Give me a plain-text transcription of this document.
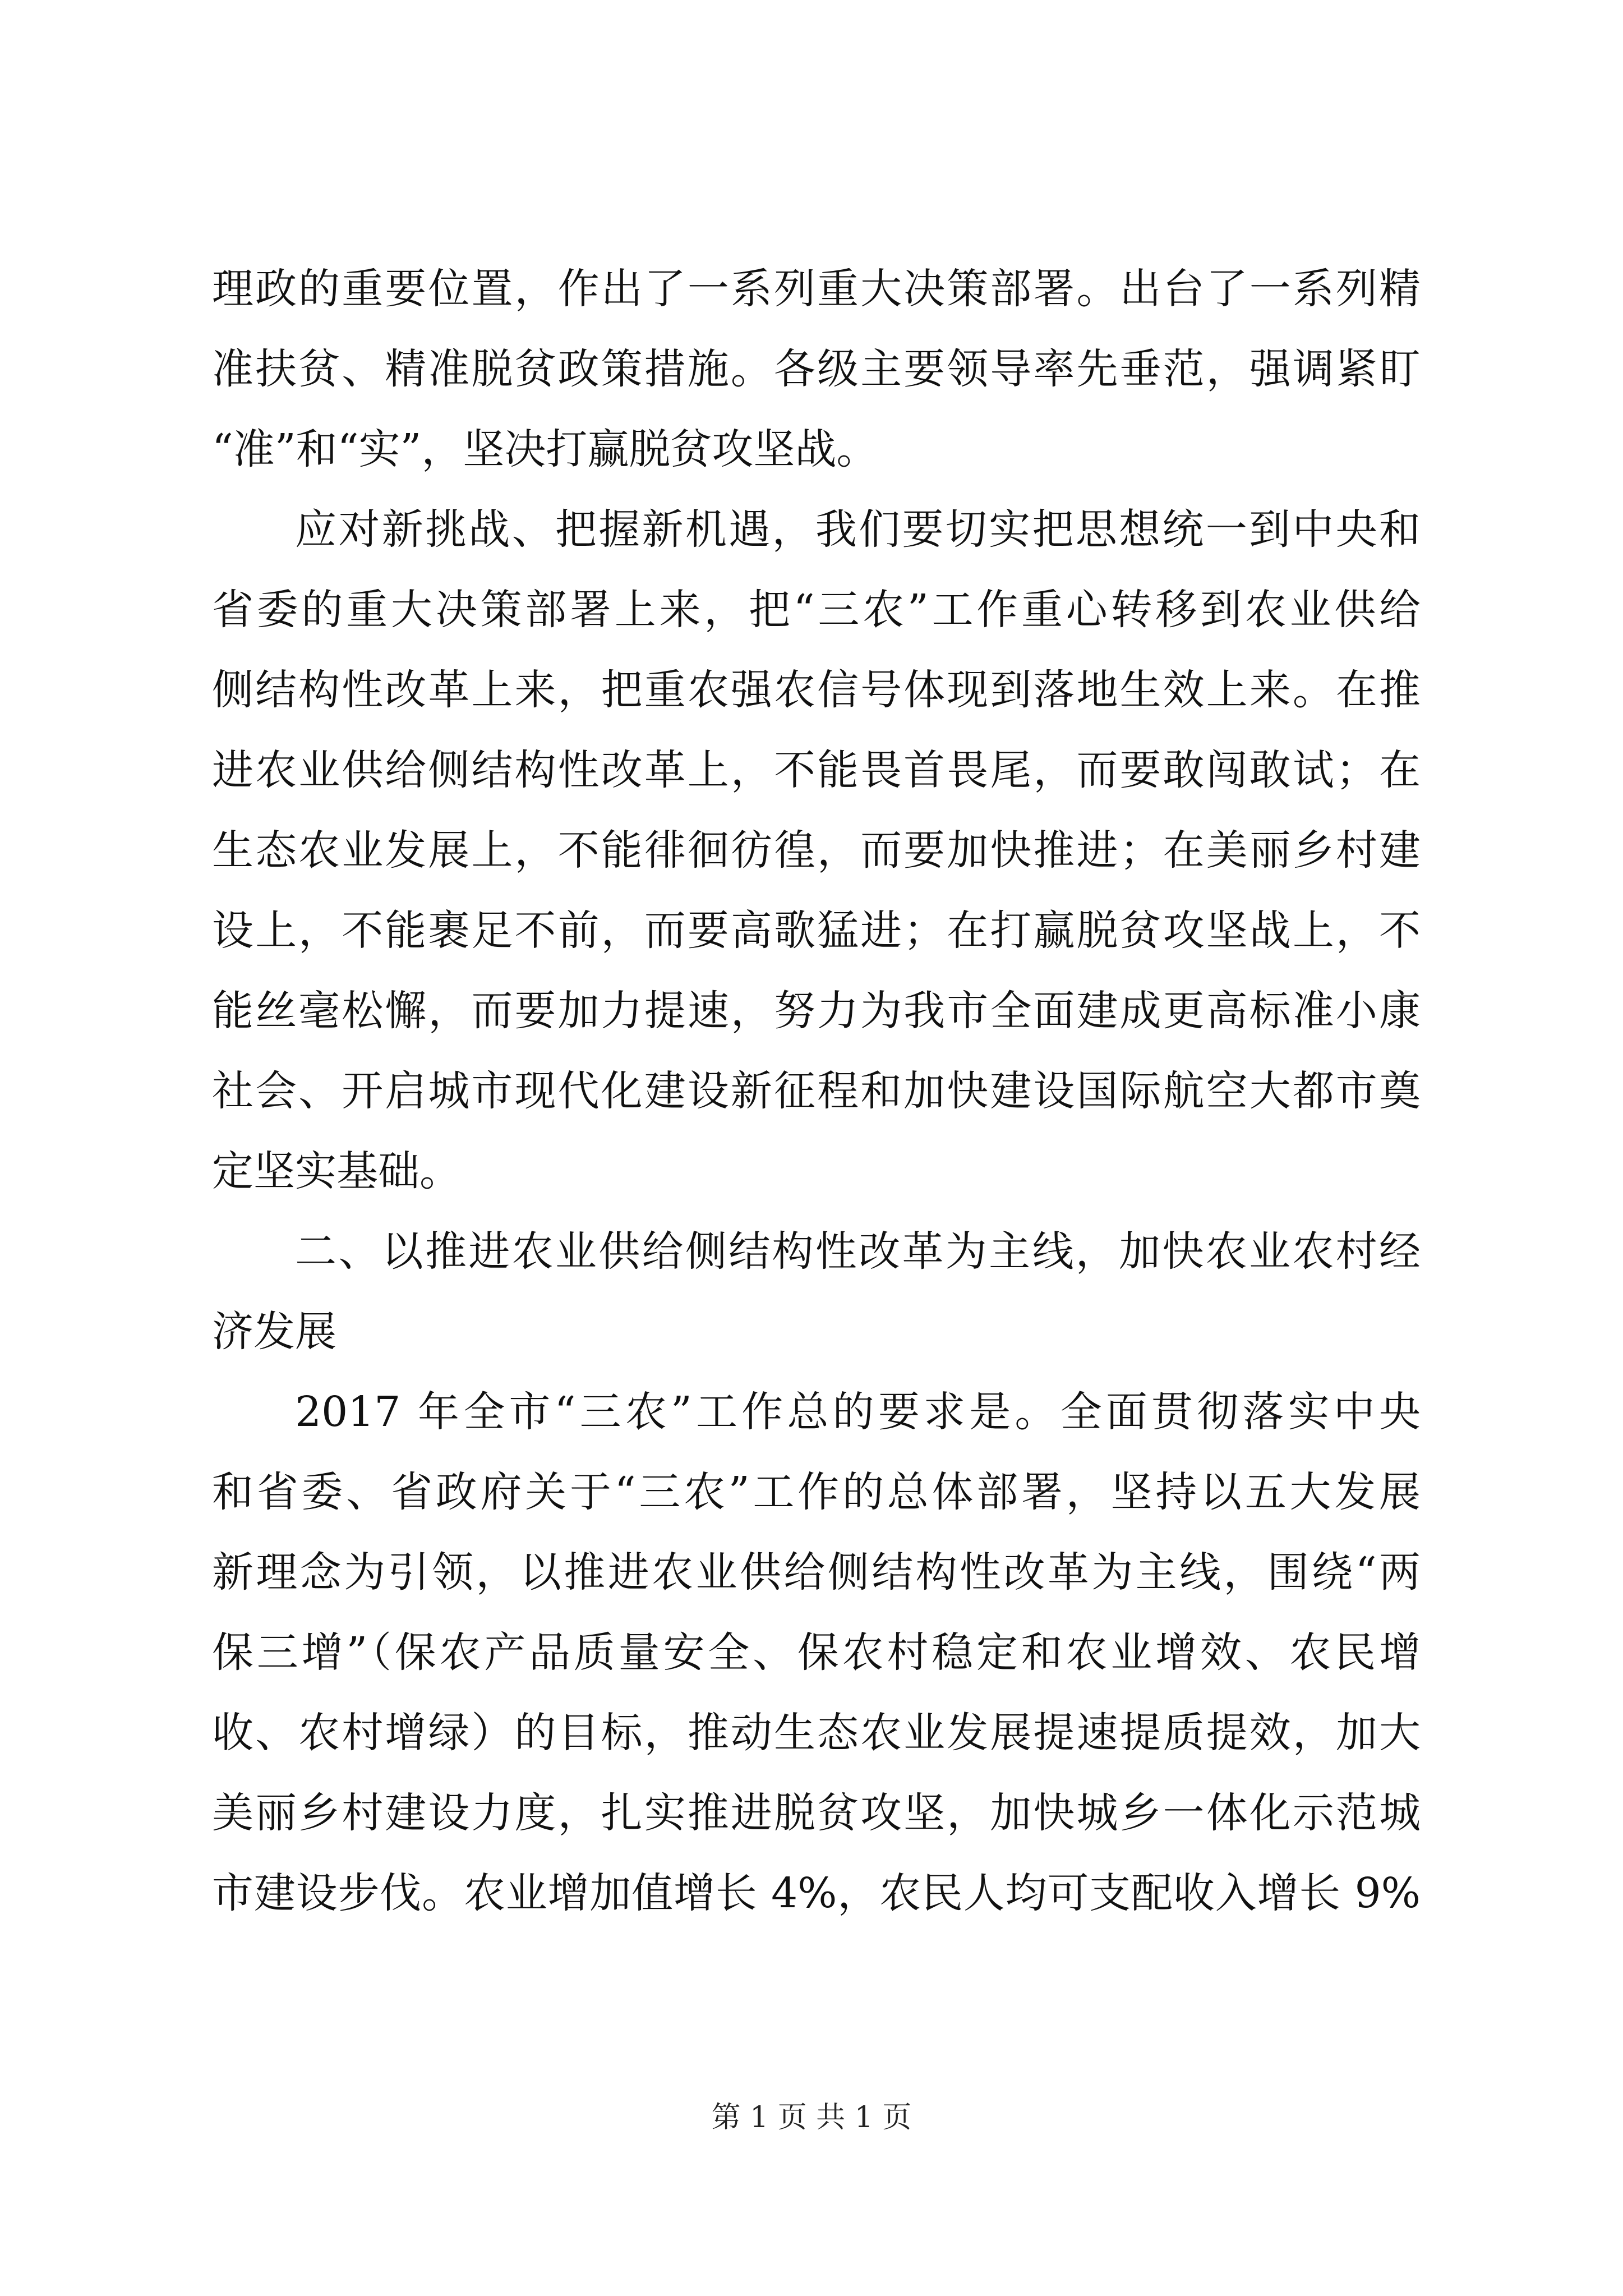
理政的重要位置，作出了一系列重大决策部署。出台了一系列精
准扶贫、精准脱贫政策措施。各级主要领导率先垂范，强调紧盯
“准”和“实”，坚决打赢脱贫攻坚战。
应对新挑战、把握新机遇，我们要切实把思想统一到中央和
省委的重大决策部署上来，把“三农”工作重心转移到农业供给
侧结构性改革上来，把重农强农信号体现到落地生效上来。在推
进农业供给侧结构性改革上，不能畏首畏尾，而要敢闯敢试；在
生态农业发展上，不能徘徊彷徨，而要加快推进；在美丽乡村建
设上，不能裹足不前，而要高歌猛进；在打赢脱贫攻坚战上，不
能丝毫松懈，而要加力提速，努力为我市全面建成更高标准小康
社会、开启城市现代化建设新征程和加快建设国际航空大都市奠
定坚实基础。
二、以推进农业供给侧结构性改革为主线，加快农业农村经
济发展
2017 年全市“三农”工作总的要求是。全面贯彻落实中央
和省委、省政府关于“三农”工作的总体部署，坚持以五大发展
新理念为引领，以推进农业供给侧结构性改革为主线，围绕“两
保三增”（保农产品质量安全、保农村稳定和农业增效、农民增
收、农村增绿）的目标，推动生态农业发展提速提质提效，加大
美丽乡村建设力度，扎实推进脱贫攻坚，加快城乡一体化示范城
市建设步伐。农业增加值增长 4%，农民人均可支配收入增长 9%
第 1 页 共 1 页
